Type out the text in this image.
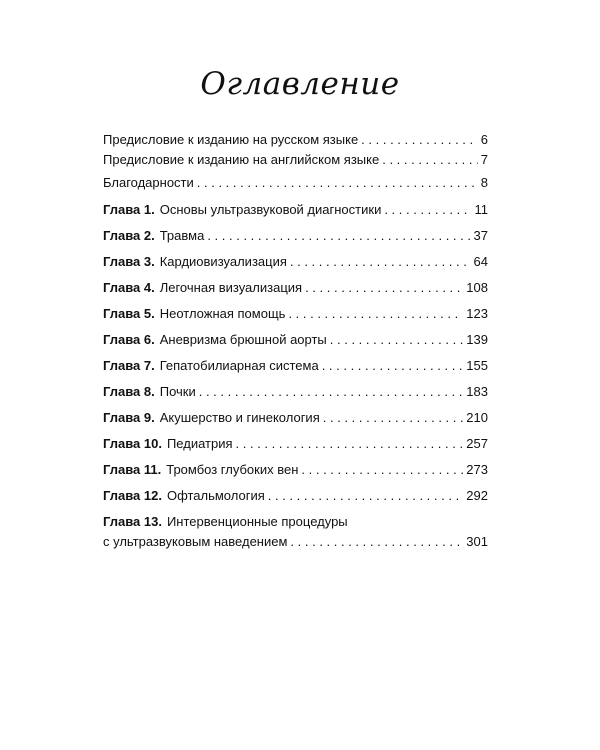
Оглавление
Предисловие к изданию на русском языке . . .	6
Предисловие к изданию на английском языке . . .	7
Благодарности . . .	8
Глава 1. Основы ультразвуковой диагностики . . .	11
Глава 2. Травма . . .	37
Глава 3. Кардиовизуализация . . .	64
Глава 4. Легочная визуализация . . .	108
Глава 5. Неотложная помощь . . .	123
Глава 6. Аневризма брюшной аорты . . .	139
Глава 7. Гепатобилиарная система . . .	155
Глава 8. Почки . . .	183
Глава 9. Акушерство и гинекология . . .	210
Глава 10. Педиатрия . . .	257
Глава 11. Тромбоз глубоких вен . . .	273
Глава 12. Офтальмология . . .	292
Глава 13. Интервенционные процедуры
с ультразвуковым наведением . . .	301
